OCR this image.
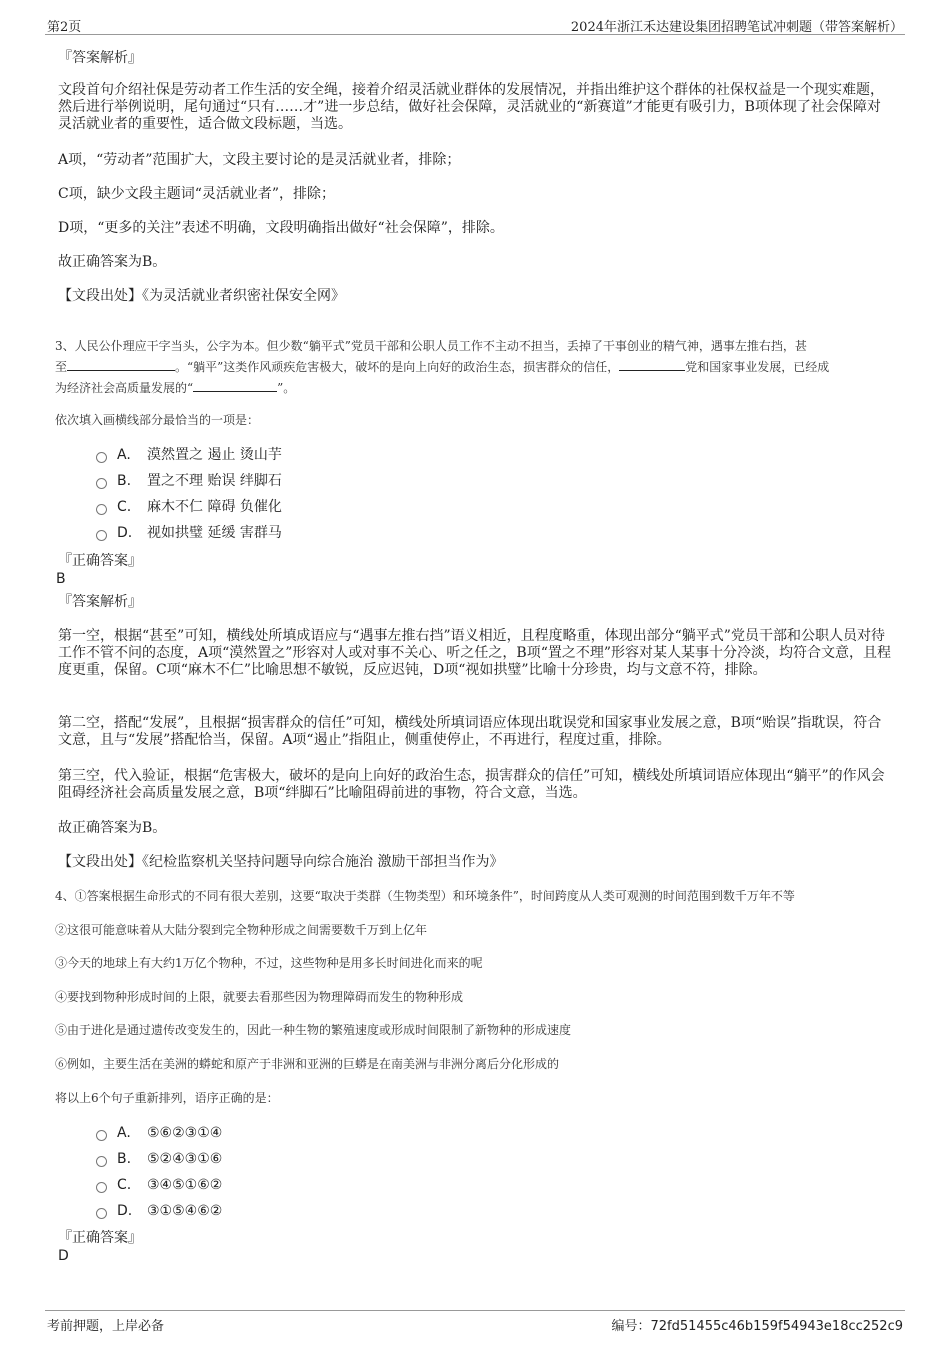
第2页	2024年浙江禾达建设集团招聘笔试冲刺题（带答案解析）

『答案解析』

文段首句介绍社保是劳动者工作生活的安全绳，接着介绍灵活就业群体的发展情况，并指出维护这个群体的社保权益是一个现实难题，然后进行举例说明，尾句通过“只有……才”进一步总结，做好社会保障，灵活就业的“新赛道”才能更有吸引力，B项体现了社会保障对灵活就业者的重要性，适合做文段标题，当选。

A项，“劳动者”范围扩大，文段主要讨论的是灵活就业者，排除；

C项，缺少文段主题词“灵活就业者”，排除；

D项，“更多的关注”表述不明确，文段明确指出做好“社会保障”，排除。

故正确答案为B。

【文段出处】《为灵活就业者织密社保安全网》

3、人民公仆理应干字当头，公字为本。但少数“躺平式”党员干部和公职人员工作不主动不担当，丢掉了干事创业的精气神，遇事左推右挡，甚
至	。“躺平”这类作风顽疾危害极大，破坏的是向上向好的政治生态，损害群众的信任，	党和国家事业发展，已经成
为经济社会高质量发展的“	”。

依次填入画横线部分最恰当的一项是：

A.	漠然置之 遏止 烫山芋
B.	置之不理 贻误 绊脚石
C.	麻木不仁 障碍 负催化
D.	视如拱璧 延缓 害群马

『正确答案』

B

『答案解析』

第一空，根据“甚至”可知，横线处所填成语应与“遇事左推右挡”语义相近，且程度略重，体现出部分“躺平式”党员干部和公职人员对待工作不管不问的态度，A项“漠然置之”形容对人或对事不关心、听之任之，B项“置之不理”形容对某人某事十分冷淡，均符合文意，且程度更重，保留。C项“麻木不仁”比喻思想不敏锐，反应迟钝，D项“视如拱璧”比喻十分珍贵，均与文意不符，排除。

第二空，搭配“发展”，且根据“损害群众的信任”可知，横线处所填词语应体现出耽误党和国家事业发展之意，B项“贻误”指耽误，符合文意，且与“发展”搭配恰当，保留。A项“遏止”指阻止，侧重使停止，不再进行，程度过重，排除。

第三空，代入验证，根据“危害极大，破坏的是向上向好的政治生态，损害群众的信任”可知，横线处所填词语应体现出“躺平”的作风会阻碍经济社会高质量发展之意，B项“绊脚石”比喻阻碍前进的事物，符合文意，当选。

故正确答案为B。

【文段出处】《纪检监察机关坚持问题导向综合施治 激励干部担当作为》

4、①答案根据生命形式的不同有很大差别，这要“取决于类群（生物类型）和环境条件”，时间跨度从人类可观测的时间范围到数千万年不等

②这很可能意味着从大陆分裂到完全物种形成之间需要数千万到上亿年

③今天的地球上有大约1万亿个物种，不过，这些物种是用多长时间进化而来的呢

④要找到物种形成时间的上限，就要去看那些因为物理障碍而发生的物种形成

⑤由于进化是通过遗传改变发生的，因此一种生物的繁殖速度或形成时间限制了新物种的形成速度

⑥例如，主要生活在美洲的蟒蛇和原产于非洲和亚洲的巨蟒是在南美洲与非洲分离后分化形成的

将以上6个句子重新排列，语序正确的是：

A.	⑤⑥②③①④
B.	⑤②④③①⑥
C.	③④⑤①⑥②
D.	③①⑤④⑥②

『正确答案』

D

考前押题，上岸必备	编号：72fd51455c46b159f54943e18cc252c9
